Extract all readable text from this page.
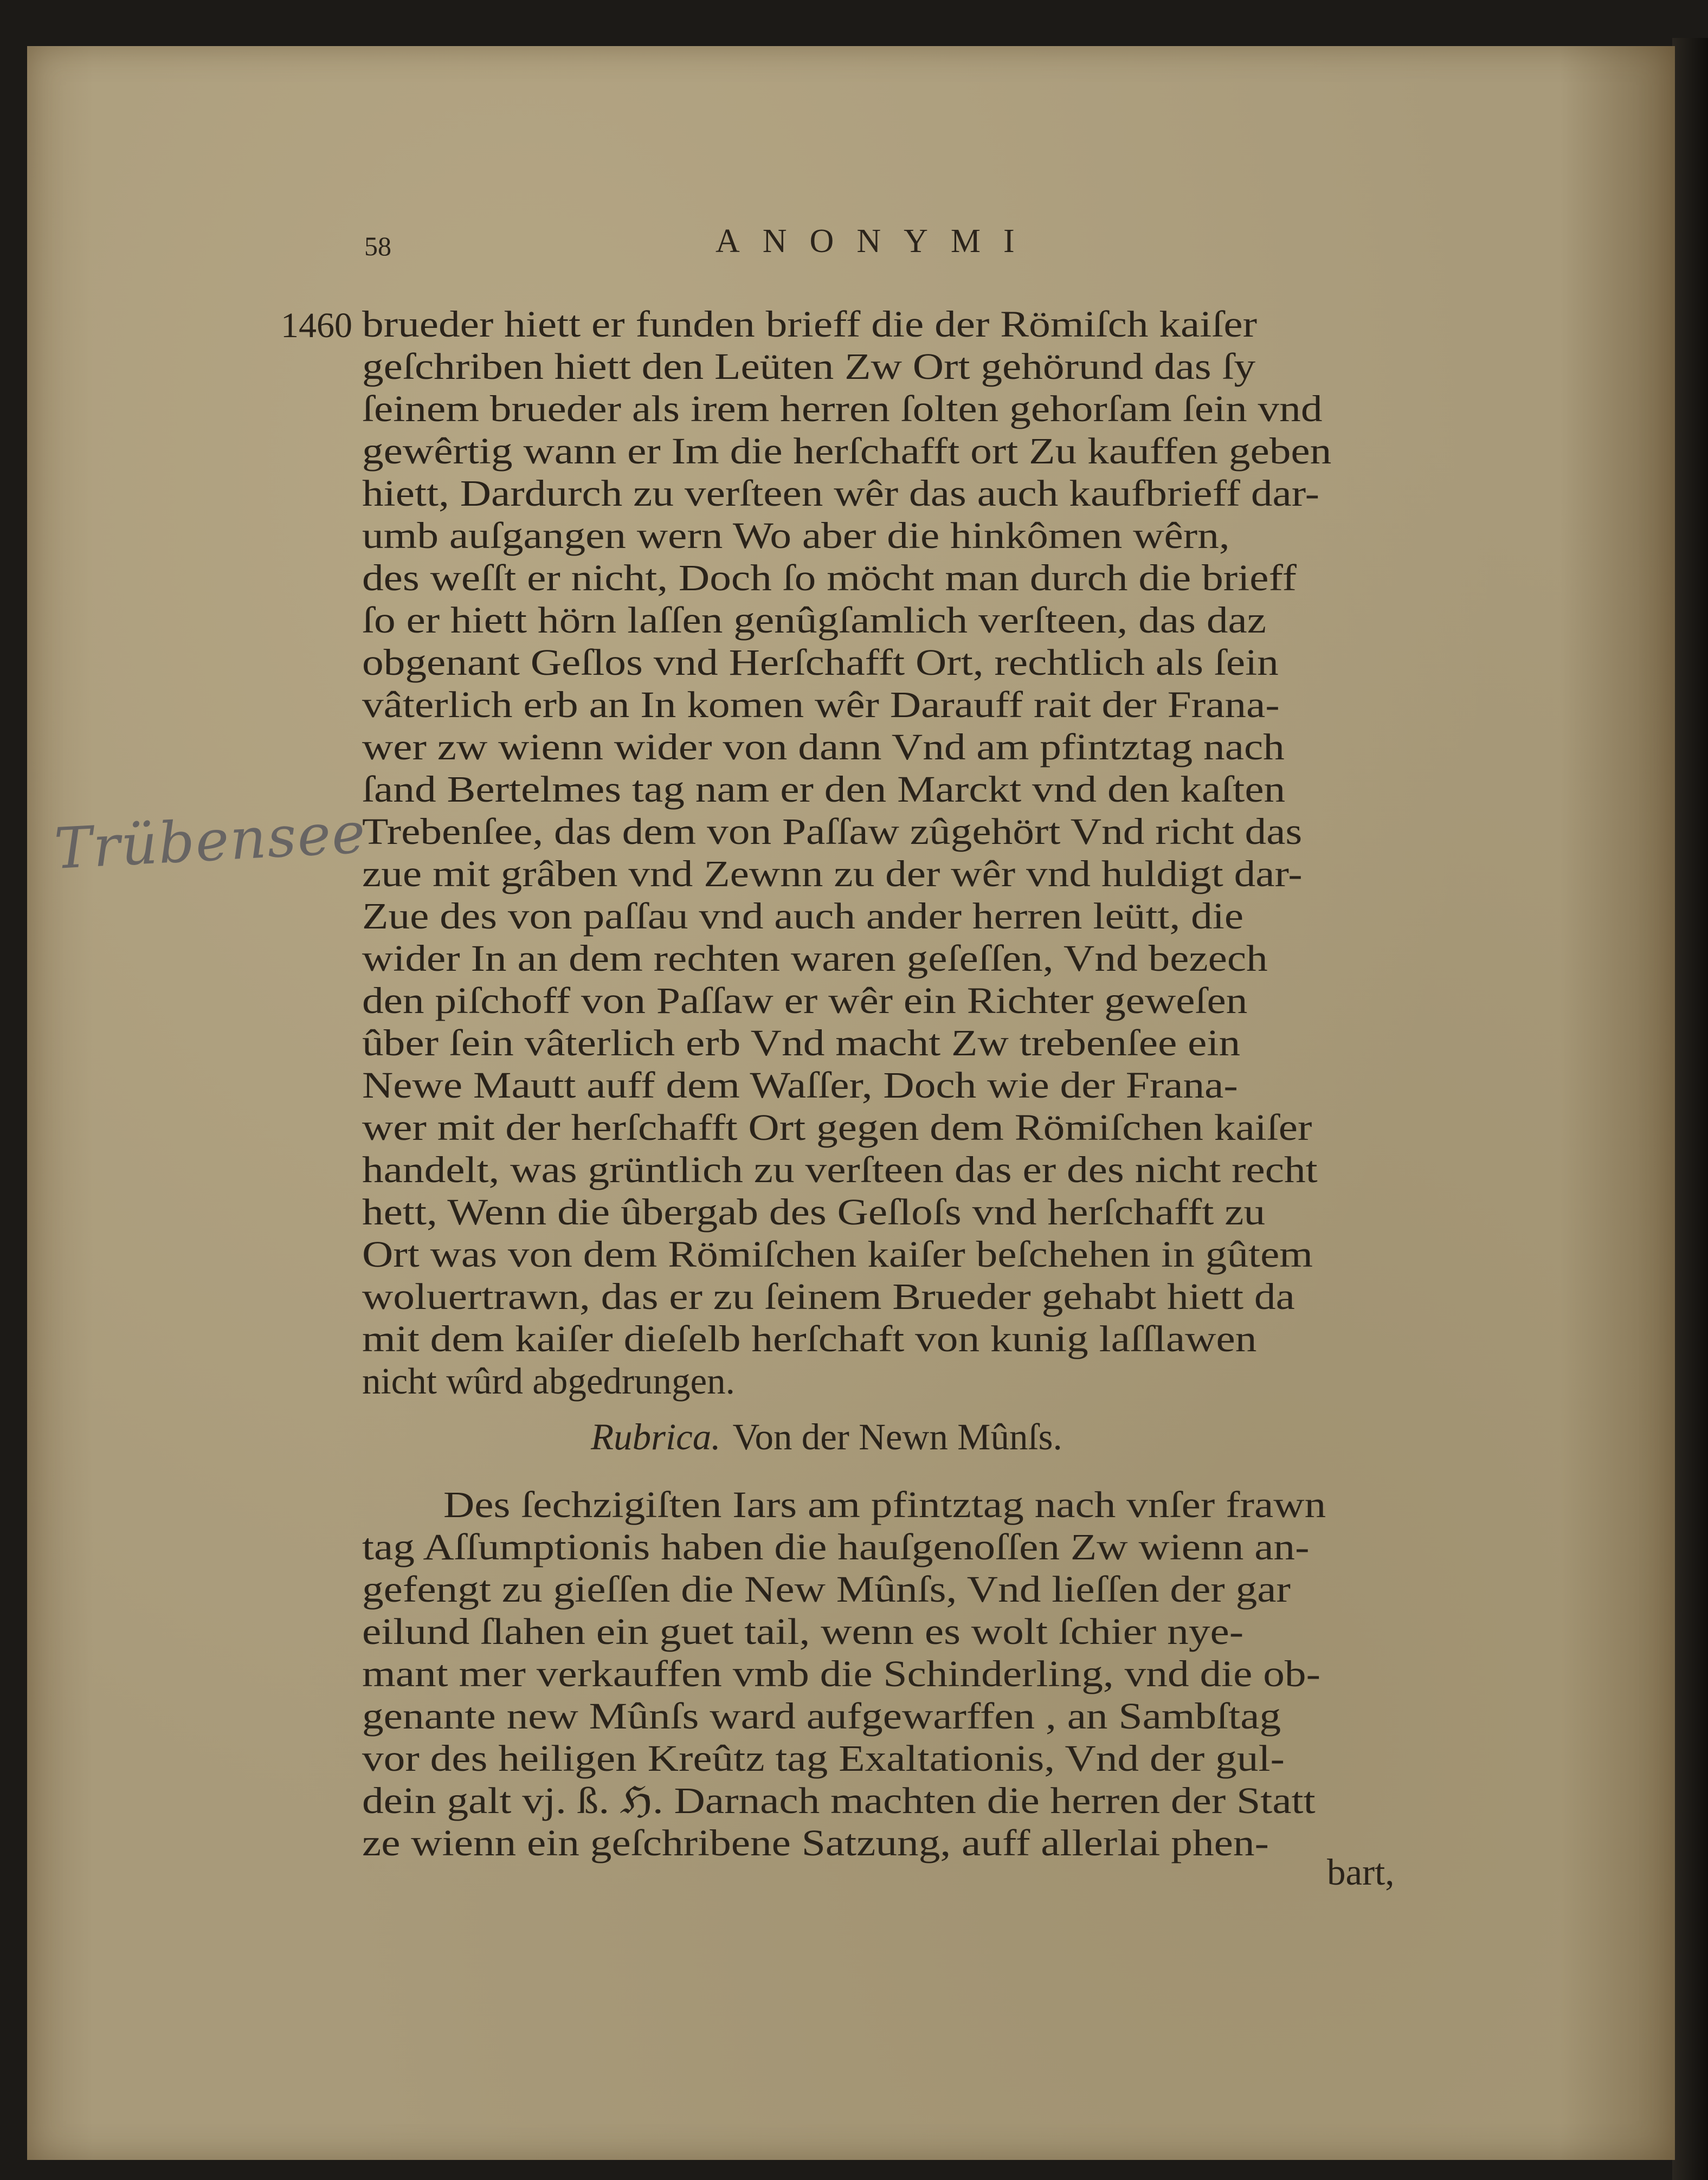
58	ANONYMI
1460
Trübensee
brueder hiett er funden brieff die der Römiſch kaiſer
geſchriben hiett den Leüten Zw Ort gehörund das ſy
ſeinem brueder als irem herren ſolten gehorſam ſein vnd
gewêrtig wann er Im die herſchafft ort Zu kauffen geben
hiett, Dardurch zu verſteen wêr das auch kaufbrieff dar-
umb auſgangen wern Wo aber die hinkômen wêrn,
des weſſt er nicht, Doch ſo möcht man durch die brieff
ſo er hiett hörn laſſen genûgſamlich verſteen, das daz
obgenant Geſlos vnd Herſchafft Ort, rechtlich als ſein
vâterlich erb an In komen wêr Darauff rait der Frana-
wer zw wienn wider von dann Vnd am pfintztag nach
ſand Bertelmes tag nam er den Marckt vnd den kaſten
Trebenſee, das dem von Paſſaw zûgehört Vnd richt das
zue mit grâben vnd Zewnn zu der wêr vnd huldigt dar-
Zue des von paſſau vnd auch ander herren leütt, die
wider In an dem rechten waren geſeſſen, Vnd bezech
den piſchoff von Paſſaw er wêr ein Richter geweſen
ûber ſein vâterlich erb Vnd macht Zw trebenſee ein
Newe Mautt auff dem Waſſer, Doch wie der Frana-
wer mit der herſchafft Ort gegen dem Römiſchen kaiſer
handelt, was grüntlich zu verſteen das er des nicht recht
hett, Wenn die ûbergab des Geſloſs vnd herſchafft zu
Ort was von dem Römiſchen kaiſer beſchehen in gûtem
woluertrawn, das er zu ſeinem Brueder gehabt hiett da
mit dem kaiſer dieſelb herſchaft von kunig laſſlawen
nicht wûrd abgedrungen.
Des ſechzigiſten Iars am pfintztag nach vnſer frawn
tag Aſſumptionis haben die hauſgenoſſen Zw wienn an-
gefengt zu gieſſen die New Mûnſs, Vnd lieſſen der gar
eilund ſlahen ein guet tail, wenn es wolt ſchier nye-
mant mer verkauffen vmb die Schinderling, vnd die ob-
genante new Mûnſs ward aufgewarffen , an Sambſtag
vor des heiligen Kreûtz tag Exaltationis, Vnd der gul-
dein galt vj. ß. ℌ. Darnach machten die herren der Statt
ze wienn ein geſchribene Satzung, auff allerlai phen-
Rubrica. Von der Newn Mûnſs.
bart,
